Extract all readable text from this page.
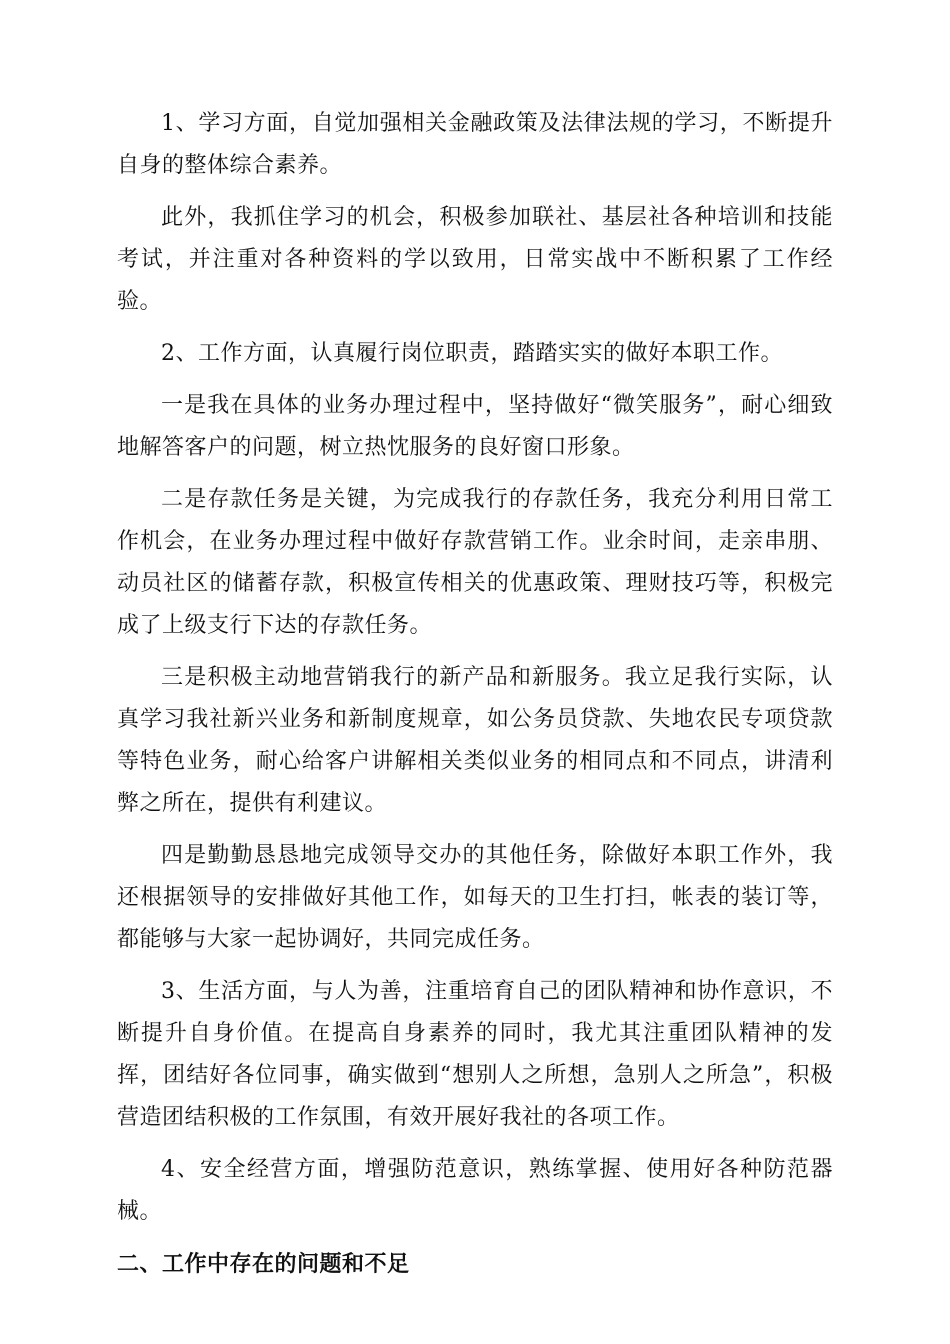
1、学习方面，自觉加强相关金融政策及法律法规的学习，不断提升自身的整体综合素养。

此外，我抓住学习的机会，积极参加联社、基层社各种培训和技能考试，并注重对各种资料的学以致用，日常实战中不断积累了工作经验。

2、工作方面，认真履行岗位职责，踏踏实实的做好本职工作。

一是我在具体的业务办理过程中，坚持做好“微笑服务”，耐心细致地解答客户的问题，树立热忱服务的良好窗口形象。

二是存款任务是关键，为完成我行的存款任务，我充分利用日常工作机会，在业务办理过程中做好存款营销工作。业余时间，走亲串朋、动员社区的储蓄存款，积极宣传相关的优惠政策、理财技巧等，积极完成了上级支行下达的存款任务。

三是积极主动地营销我行的新产品和新服务。我立足我行实际，认真学习我社新兴业务和新制度规章，如公务员贷款、失地农民专项贷款等特色业务，耐心给客户讲解相关类似业务的相同点和不同点，讲清利弊之所在，提供有利建议。

四是勤勤恳恳地完成领导交办的其他任务，除做好本职工作外，我还根据领导的安排做好其他工作，如每天的卫生打扫，帐表的装订等，都能够与大家一起协调好，共同完成任务。

3、生活方面，与人为善，注重培育自己的团队精神和协作意识，不断提升自身价值。在提高自身素养的同时，我尤其注重团队精神的发挥，团结好各位同事，确实做到“想别人之所想，急别人之所急”，积极营造团结积极的工作氛围，有效开展好我社的各项工作。

4、安全经营方面，增强防范意识，熟练掌握、使用好各种防范器械。

二、工作中存在的问题和不足
